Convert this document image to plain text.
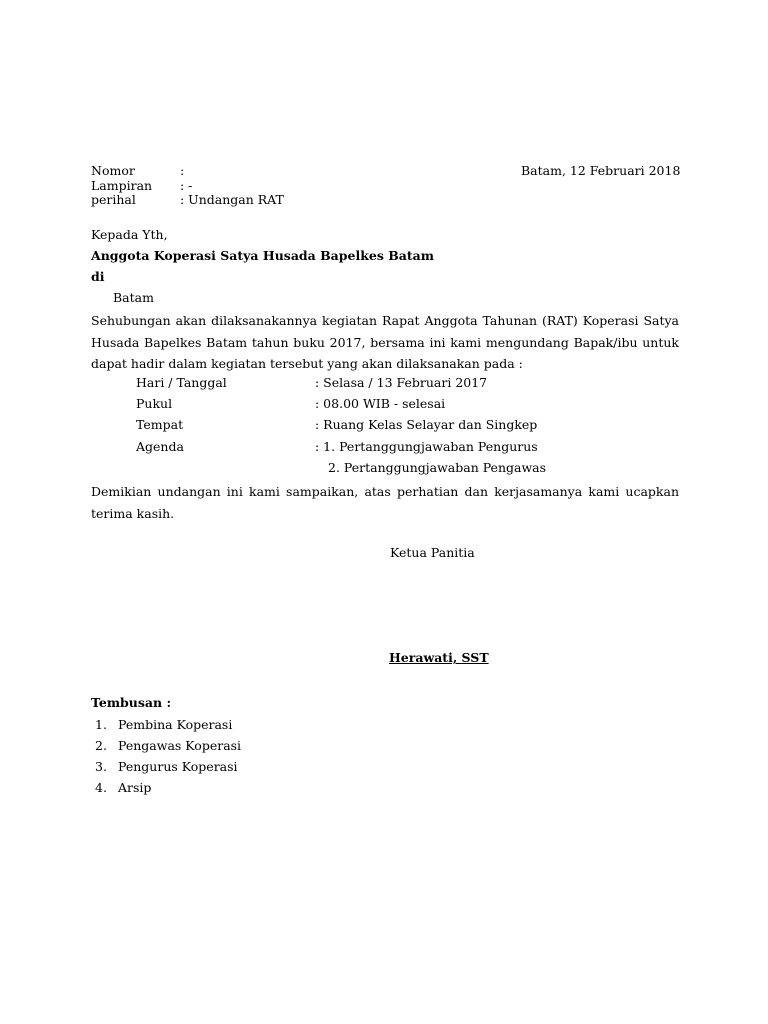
Nomor	:
Lampiran : -
perihal	: Undangan RAT
Batam, 12 Februari 2018
Kepada Yth,
Anggota Koperasi Satya Husada Bapelkes Batam
di
Batam
Sehubungan akan dilaksanakannya kegiatan Rapat Anggota Tahunan (RAT) Koperasi Satya Husada Bapelkes Batam tahun buku 2017, bersama ini kami mengundang Bapak/ibu untuk dapat hadir dalam kegiatan tersebut yang akan dilaksanakan pada :
Hari / Tanggal	: Selasa / 13 Februari 2017
Pukul	: 08.00 WIB - selesai
Tempat	: Ruang Kelas Selayar dan Singkep
Agenda	: 1. Pertanggungjawaban Pengurus
2. Pertanggungjawaban Pengawas
Demikian undangan ini kami sampaikan, atas perhatian dan kerjasamanya kami ucapkan terima kasih.
Ketua Panitia
Herawati, SST
Tembusan :
1. Pembina Koperasi
2. Pengawas Koperasi
3. Pengurus Koperasi
4. Arsip
